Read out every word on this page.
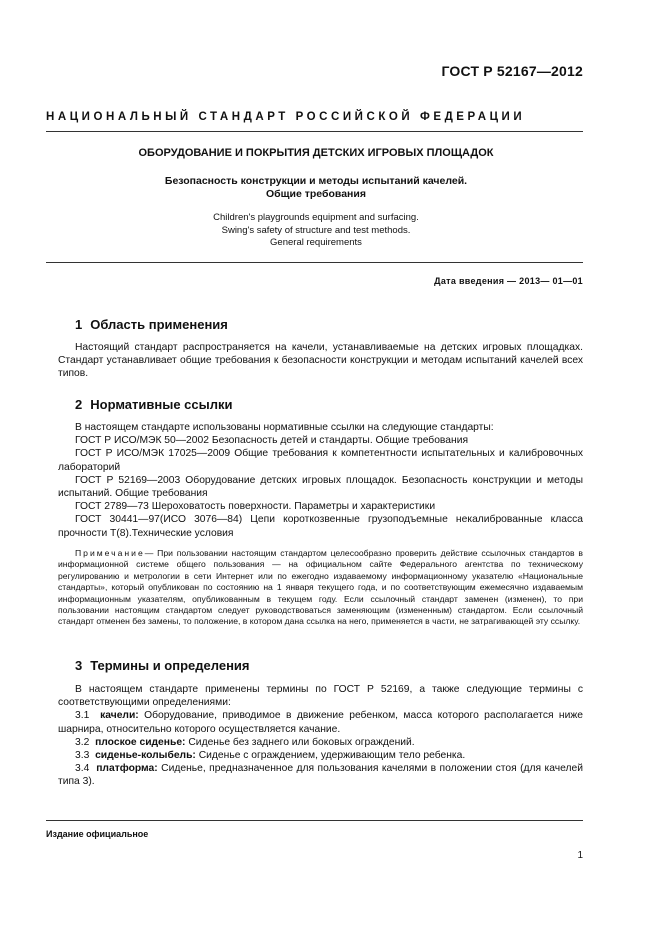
ГОСТ Р 52167—2012
НАЦИОНАЛЬНЫЙ СТАНДАРТ РОССИЙСКОЙ ФЕДЕРАЦИИ
ОБОРУДОВАНИЕ И ПОКРЫТИЯ ДЕТСКИХ ИГРОВЫХ ПЛОЩАДОК
Безопасность конструкции и методы испытаний качелей.
Общие требования
Children's playgrounds equipment and surfacing.
Swing's safety of structure and test methods.
General requirements
Дата введения — 2013— 01—01
1 Область применения

Настоящий стандарт распространяется на качели, устанавливаемые на детских игровых площадках. Стандарт устанавливает общие требования к безопасности конструкции и методам испытаний качелей всех типов.

2 Нормативные ссылки

В настоящем стандарте использованы нормативные ссылки на следующие стандарты:

ГОСТ Р ИСО/МЭК 50—2002 Безопасность детей и стандарты. Общие требования

ГОСТ Р ИСО/МЭК 17025—2009 Общие требования к компетентности испытательных и калибровочных лабораторий

ГОСТ Р 52169—2003 Оборудование детских игровых площадок. Безопасность конструкции и методы испытаний. Общие требования

ГОСТ 2789—73 Шероховатость поверхности. Параметры и характеристики

ГОСТ 30441—97(ИСО 3076—84) Цепи короткозвенные грузоподъемные некалиброванные класса прочности Т(8).Технические условия

Примечание— При пользовании настоящим стандартом целесообразно проверить действие ссылочных стандартов в информационной системе общего пользования — на официальном сайте Федерального агентства по техническому регулированию и метрологии в сети Интернет или по ежегодно издаваемому информационному указателю «Национальные стандарты», который опубликован по состоянию на 1 января текущего года, и по соответствующим ежемесячно издаваемым информационным указателям, опубликованным в текущем году. Если ссылочный стандарт заменен (изменен), то при пользовании настоящим стандартом следует руководствоваться заменяющим (измененным) стандартом. Если ссылочный стандарт отменен без замены, то положение, в котором дана ссылка на него, применяется в части, не затрагивающей эту ссылку.

3 Термины и определения

В настоящем стандарте применены термины по ГОСТ Р 52169, а также следующие термины с соответствующими определениями:

3.1 качели: Оборудование, приводимое в движение ребенком, масса которого располагается ниже шарнира, относительно которого осуществляется качание.

3.2 плоское сиденье: Сиденье без заднего или боковых ограждений.

3.3 сиденье-колыбель: Сиденье с ограждением, удерживающим тело ребенка.

3.4 платформа: Сиденье, предназначенное для пользования качелями в положении стоя (для качелей типа 3).

Издание официальное
1
